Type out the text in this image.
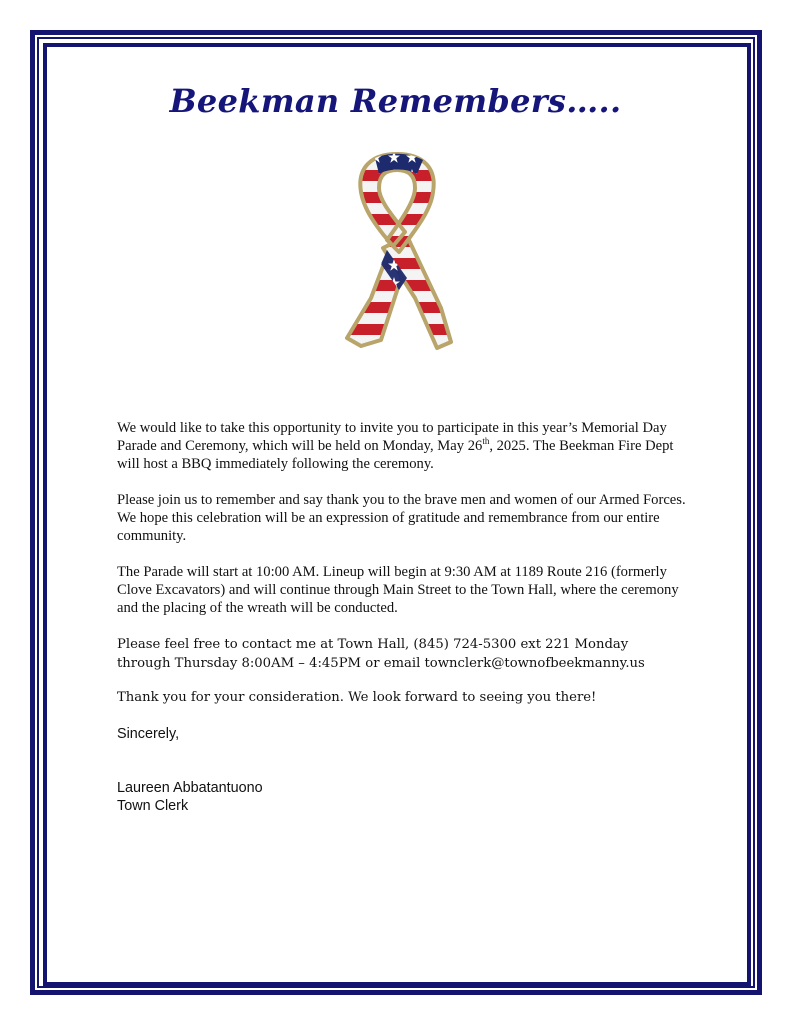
Beekman Remembers…..
We would like to take this opportunity to invite you to participate in this year’s Memorial Day Parade and Ceremony, which will be held on Monday, May 26th, 2025. The Beekman Fire Dept will host a BBQ immediately following the ceremony.
Please join us to remember and say thank you to the brave men and women of our Armed Forces. We hope this celebration will be an expression of gratitude and remembrance from our entire community.
The Parade will start at 10:00 AM. Lineup will begin at 9:30 AM at 1189 Route 216 (formerly Clove Excavators) and will continue through Main Street to the Town Hall, where the ceremony and the placing of the wreath will be conducted.
Please feel free to contact me at Town Hall, (845) 724-5300 ext 221 Monday
through Thursday 8:00AM – 4:45PM or email townclerk@townofbeekmanny.us
Thank you for your consideration. We look forward to seeing you there!
Sincerely,
Laureen Abbatantuono
Town Clerk
